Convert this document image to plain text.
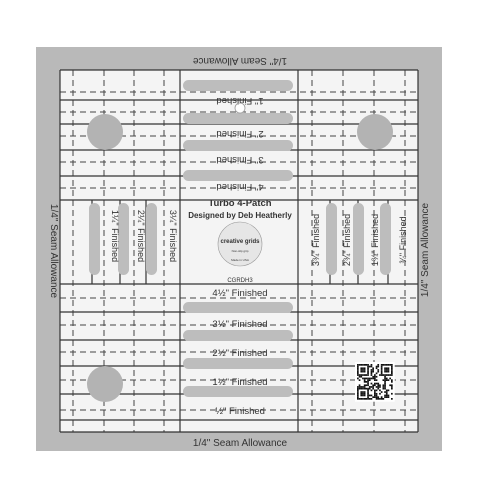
1/4" Seam Allowance
1/4" Seam Allowance
1/4" Seam Allowance	1/4" Seam Allowance
1" Finished
2" Finished
3" Finished
4" Finished
Turbo 4-Patch
Designed by Deb Heatherly
creative grids
Non-slip grip
Made in USA
CGRDH3
1¼" Finished 2¼" Finished 3¼" Finished	3¾" Finished 2¾" Finished 1¾" Finished ¾" Finished
4½" Finished
3½" Finished
2½" Finished
1½" Finished
½" Finished
